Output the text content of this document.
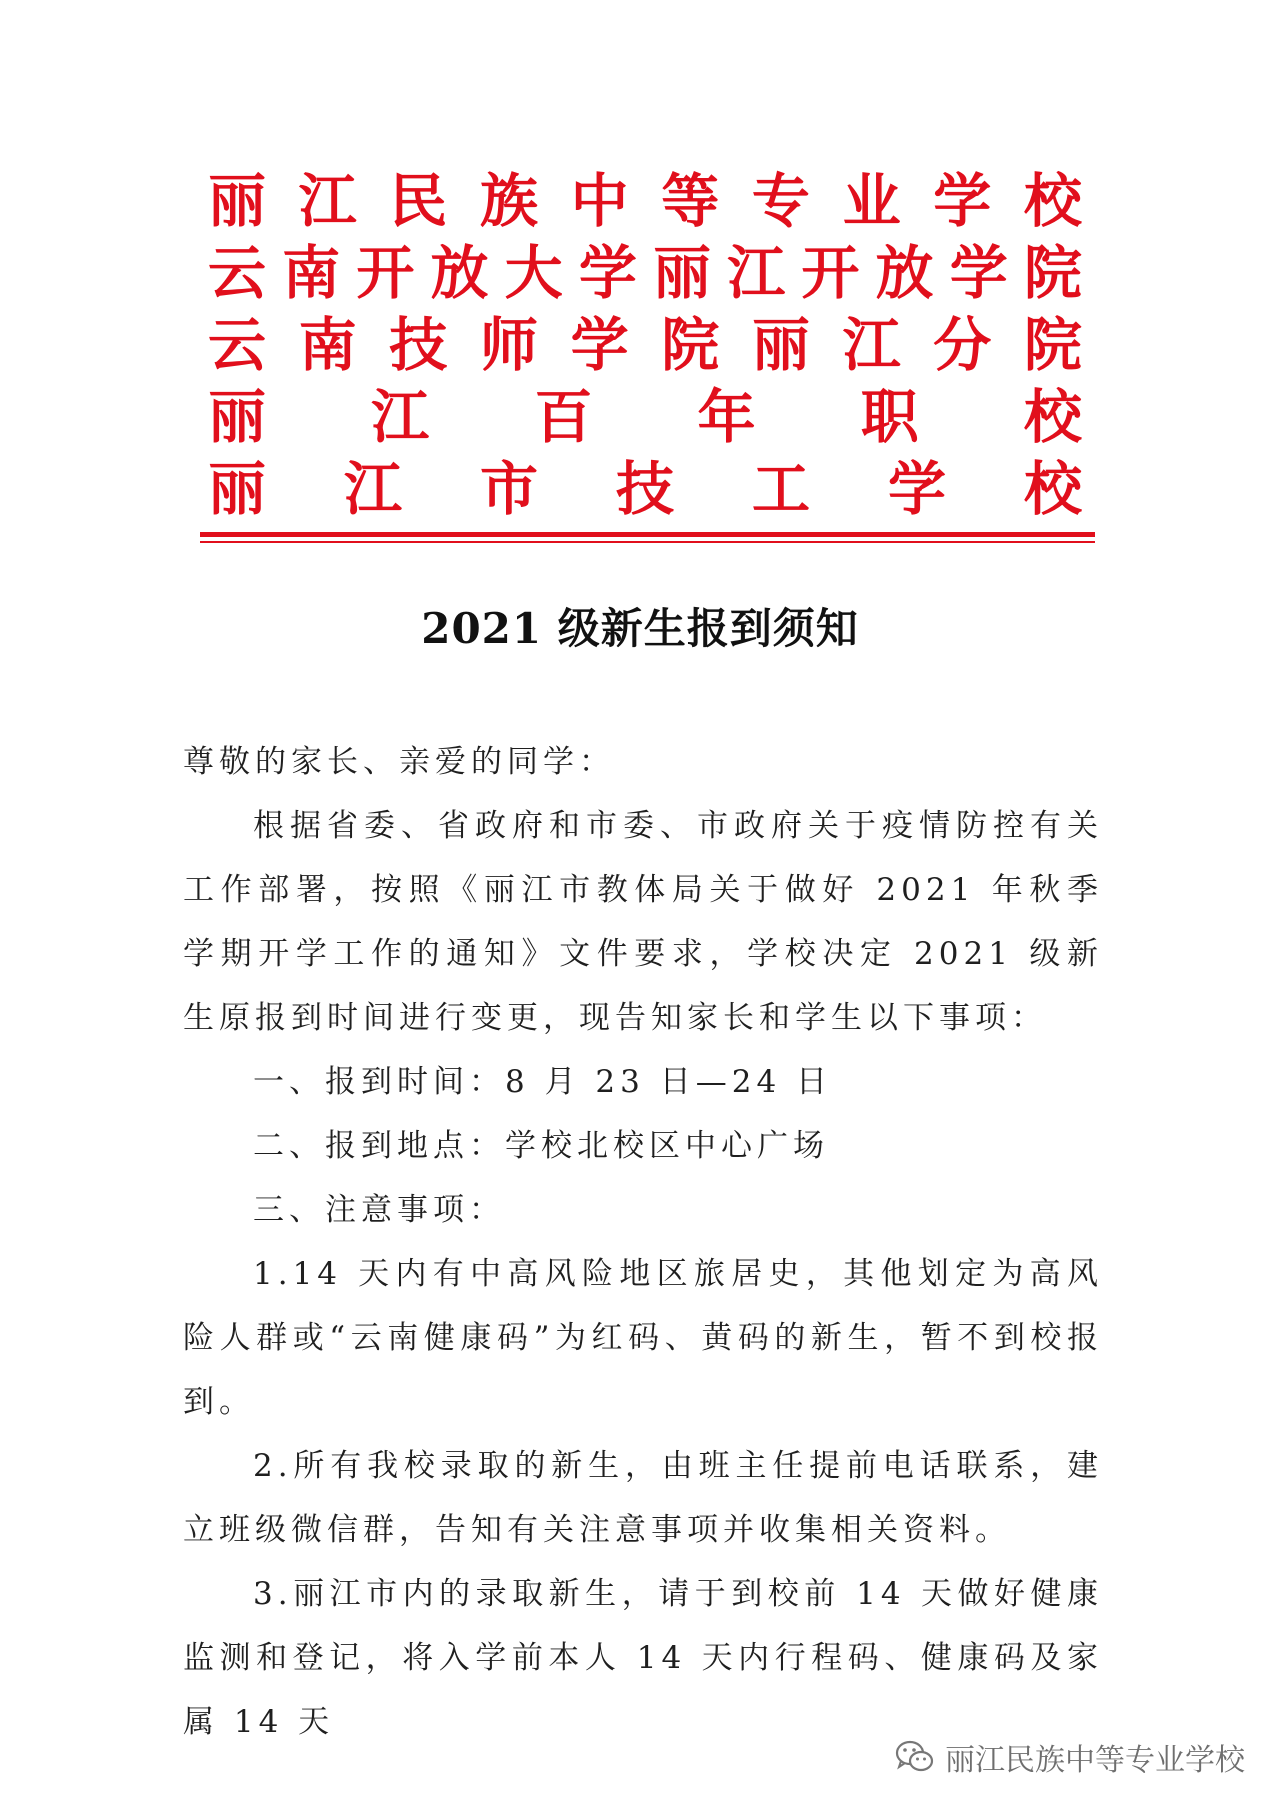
丽 江 民 族 中 等 专 业 学 校
云 南 开 放 大 学 丽 江 开 放 学 院
云 南 技 师 学 院 丽 江 分 院
丽 江 百 年 职 校
丽 江 市 技 工 学 校
2021 级新生报到须知

尊敬的家长、亲爱的同学：

根据省委、省政府和市委、市政府关于疫情防控有关工作部署，按照《丽江市教体局关于做好 2021 年秋季学期开学工作的通知》文件要求，学校决定 2021 级新生原报到时间进行变更，现告知家长和学生以下事项：

一、报到时间：8 月 23 日—24 日

二、报到地点：学校北校区中心广场

三、注意事项：

1.14 天内有中高风险地区旅居史，其他划定为高风险人群或“云南健康码”为红码、黄码的新生，暂不到校报到。

2.所有我校录取的新生，由班主任提前电话联系，建立班级微信群，告知有关注意事项并收集相关资料。

3.丽江市内的录取新生，请于到校前 14 天做好健康监测和登记，将入学前本人 14 天内行程码、健康码及家属 14 天

丽江民族中等专业学校
